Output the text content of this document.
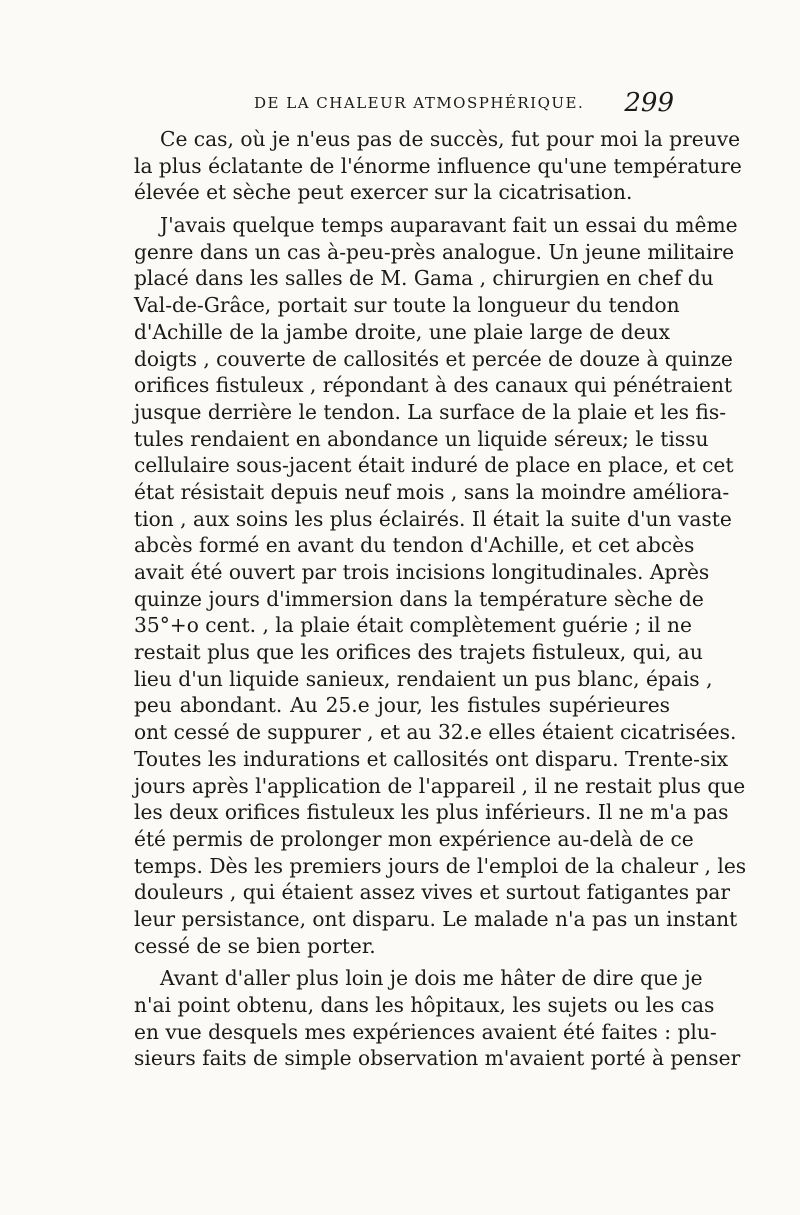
DE LA CHALEUR ATMOSPHÉRIQUE. 299
Ce cas, où je n'eus pas de succès, fut pour moi la preuve
la plus éclatante de l'énorme influence qu'une température
élevée et sèche peut exercer sur la cicatrisation.
J'avais quelque temps auparavant fait un essai du même
genre dans un cas à-peu-près analogue. Un jeune militaire
placé dans les salles de M. Gama , chirurgien en chef du
Val-de-Grâce, portait sur toute la longueur du tendon
d'Achille de la jambe droite, une plaie large de deux
doigts , couverte de callosités et percée de douze à quinze
orifices fistuleux , répondant à des canaux qui pénétraient
jusque derrière le tendon. La surface de la plaie et les fis-
tules rendaient en abondance un liquide séreux; le tissu
cellulaire sous-jacent était induré de place en place, et cet
état résistait depuis neuf mois , sans la moindre améliora-
tion , aux soins les plus éclairés. Il était la suite d'un vaste
abcès formé en avant du tendon d'Achille, et cet abcès
avait été ouvert par trois incisions longitudinales. Après
quinze jours d'immersion dans la température sèche de
35°+o cent. , la plaie était complètement guérie ; il ne
restait plus que les orifices des trajets fistuleux, qui, au
lieu d'un liquide sanieux, rendaient un pus blanc, épais ,
peu abondant. Au 25.e jour, les fistules supérieures
ont cessé de suppurer , et au 32.e elles étaient cicatrisées.
Toutes les indurations et callosités ont disparu. Trente-six
jours après l'application de l'appareil , il ne restait plus que
les deux orifices fistuleux les plus inférieurs. Il ne m'a pas
été permis de prolonger mon expérience au-delà de ce
temps. Dès les premiers jours de l'emploi de la chaleur , les
douleurs , qui étaient assez vives et surtout fatigantes par
leur persistance, ont disparu. Le malade n'a pas un instant
cessé de se bien porter.
Avant d'aller plus loin je dois me hâter de dire que je
n'ai point obtenu, dans les hôpitaux, les sujets ou les cas
en vue desquels mes expériences avaient été faites : plu-
sieurs faits de simple observation m'avaient porté à penser
